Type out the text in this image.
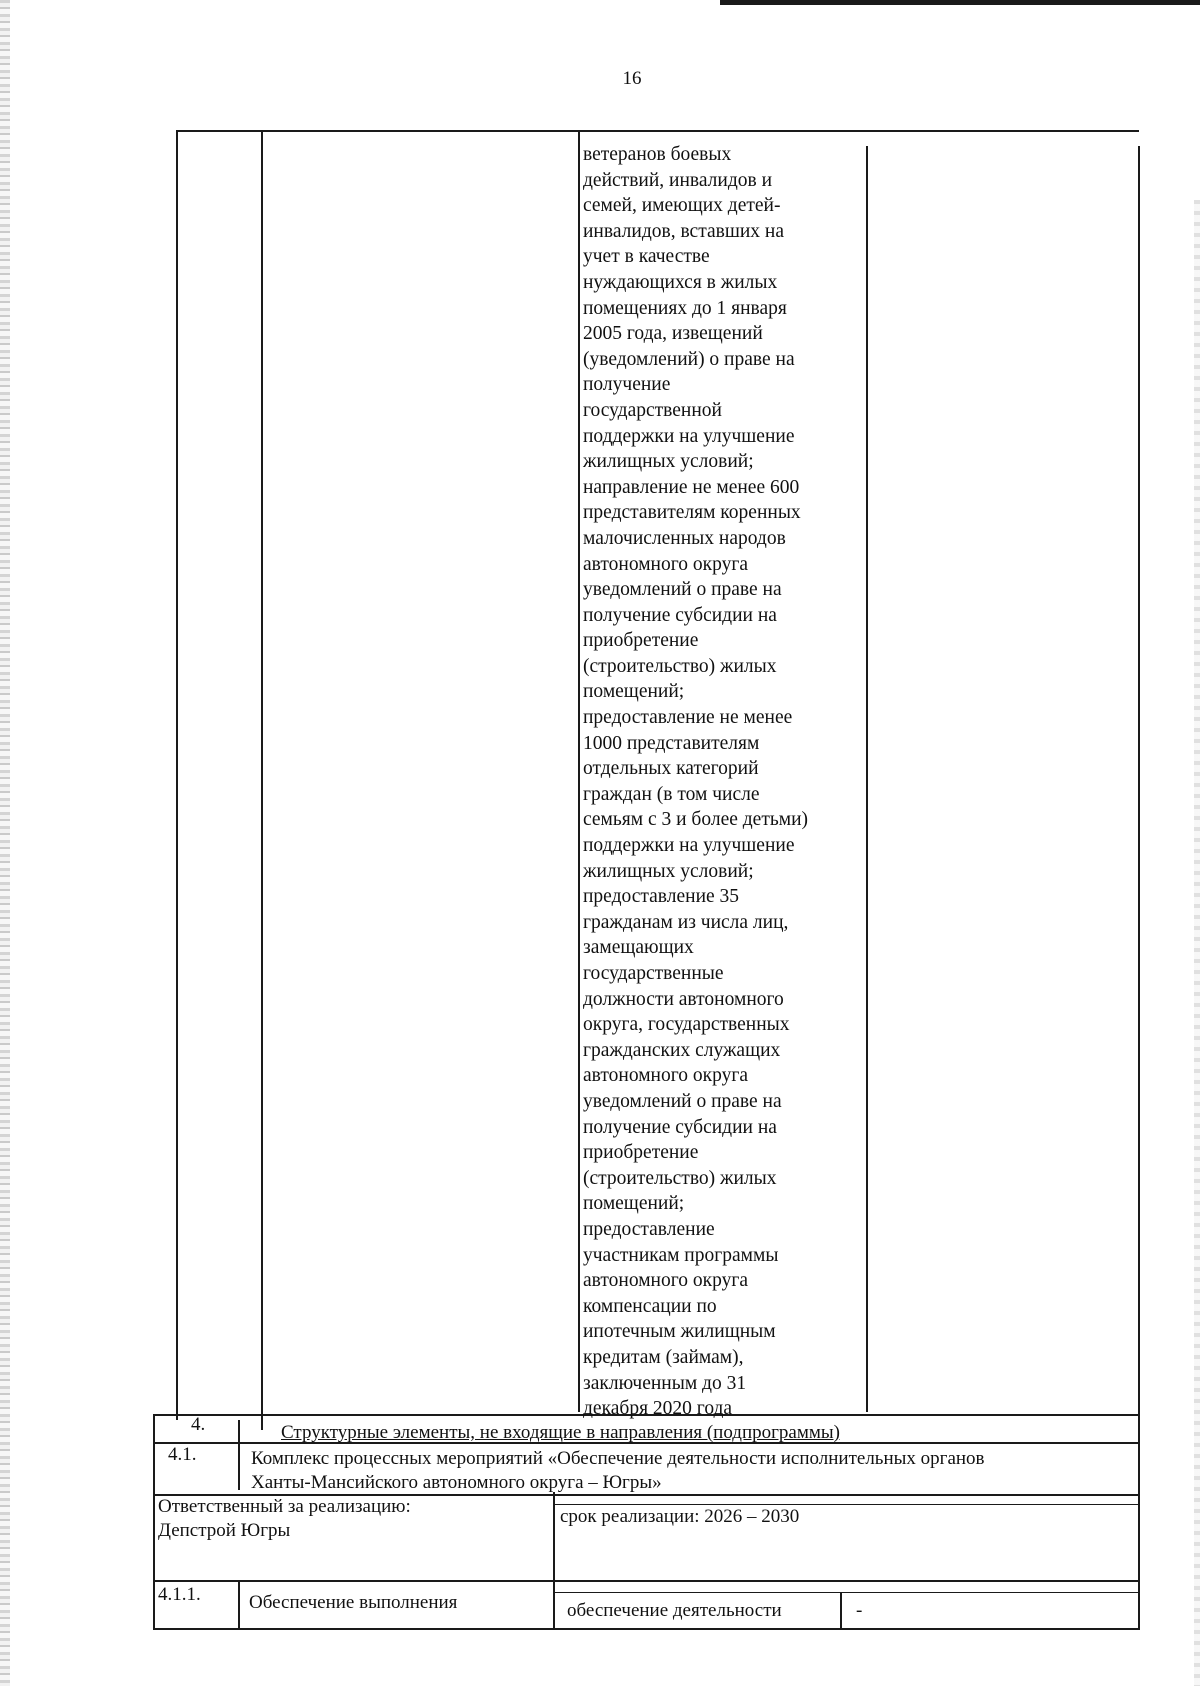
16
ветеранов боевых
действий, инвалидов и
семей, имеющих детей-
инвалидов, вставших на
учет в качестве
нуждающихся в жилых
помещениях до 1 января
2005 года, извещений
(уведомлений) о праве на
получение
государственной
поддержки на улучшение
жилищных условий;
направление не менее 600
представителям коренных
малочисленных народов
автономного округа
уведомлений о праве на
получение субсидии на
приобретение
(строительство) жилых
помещений;
предоставление не менее
1000 представителям
отдельных категорий
граждан (в том числе
семьям с 3 и более детьми)
поддержки на улучшение
жилищных условий;
предоставление 35
гражданам из числа лиц,
замещающих
государственные
должности автономного
округа, государственных
гражданских служащих
автономного округа
уведомлений о праве на
получение субсидии на
приобретение
(строительство) жилых
помещений;
предоставление
участникам программы
автономного округа
компенсации по
ипотечным жилищным
кредитам (займам),
заключенным до 31
декабря 2020 года
4.	Структурные элементы, не входящие в направления (подпрограммы)
4.1.	Комплекс процессных мероприятий «Обеспечение деятельности исполнительных органов
Ханты-Мансийского автономного округа – Югры»
Ответственный за реализацию:
Депстрой Югры
срок реализации: 2026 – 2030
4.1.1.	Обеспечение выполнения	обеспечение деятельности	-
